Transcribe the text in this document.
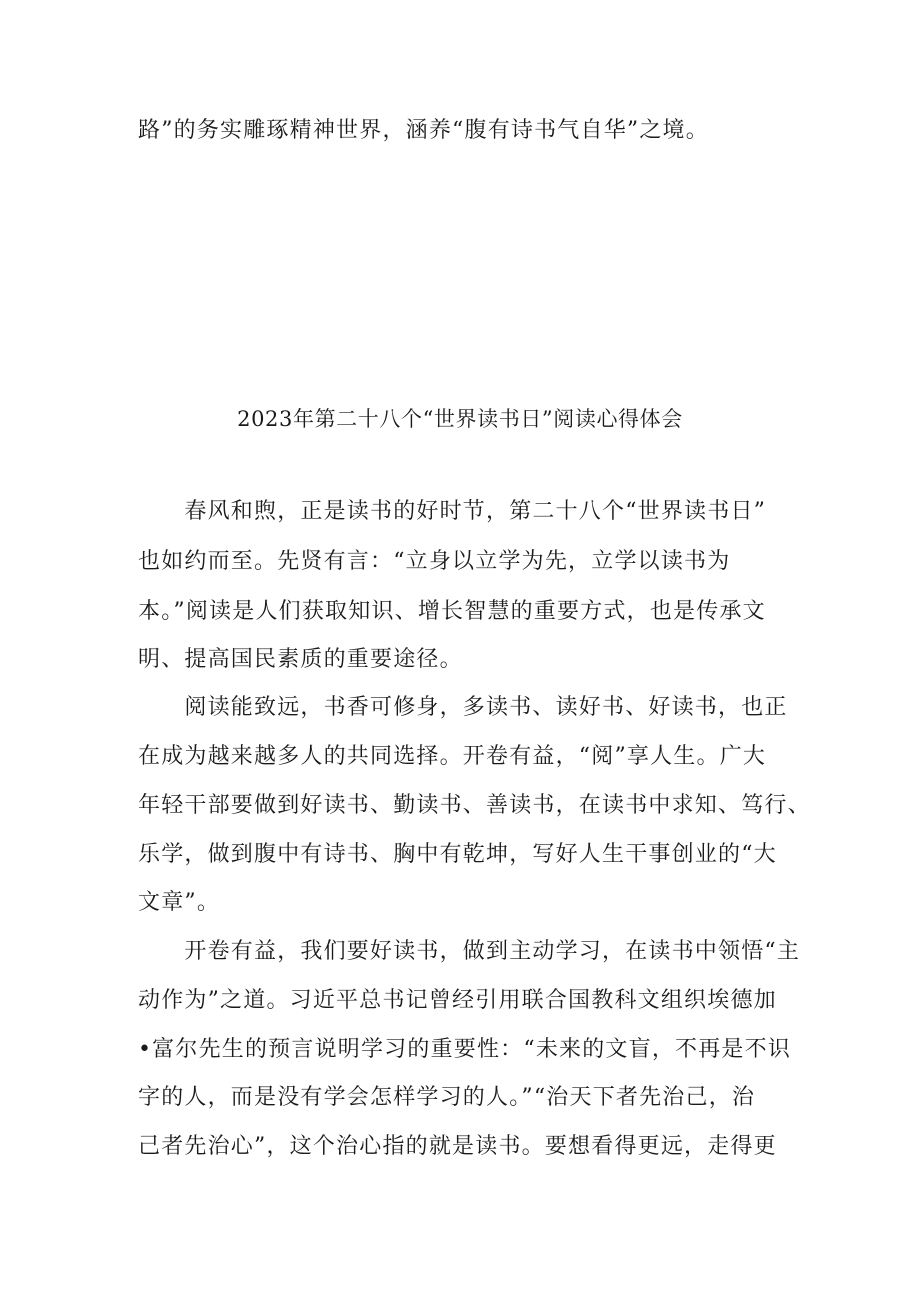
路”的务实雕琢精神世界，涵养“腹有诗书气自华”之境。
2023年第二十八个“世界读书日”阅读心得体会
　　春风和煦，正是读书的好时节，第二十八个“世界读书日”
也如约而至。先贤有言：“立身以立学为先，立学以读书为
本。”阅读是人们获取知识、增长智慧的重要方式，也是传承文
明、提高国民素质的重要途径。
　　阅读能致远，书香可修身，多读书、读好书、好读书，也正
在成为越来越多人的共同选择。开卷有益，“阅”享人生。广大
年轻干部要做到好读书、勤读书、善读书，在读书中求知、笃行、
乐学，做到腹中有诗书、胸中有乾坤，写好人生干事创业的“大
文章”。
　　开卷有益，我们要好读书，做到主动学习，在读书中领悟“主
动作为”之道。习近平总书记曾经引用联合国教科文组织埃德加
•富尔先生的预言说明学习的重要性：“未来的文盲，不再是不识
字的人，而是没有学会怎样学习的人。”“治天下者先治己，治
己者先治心”，这个治心指的就是读书。要想看得更远，走得更
